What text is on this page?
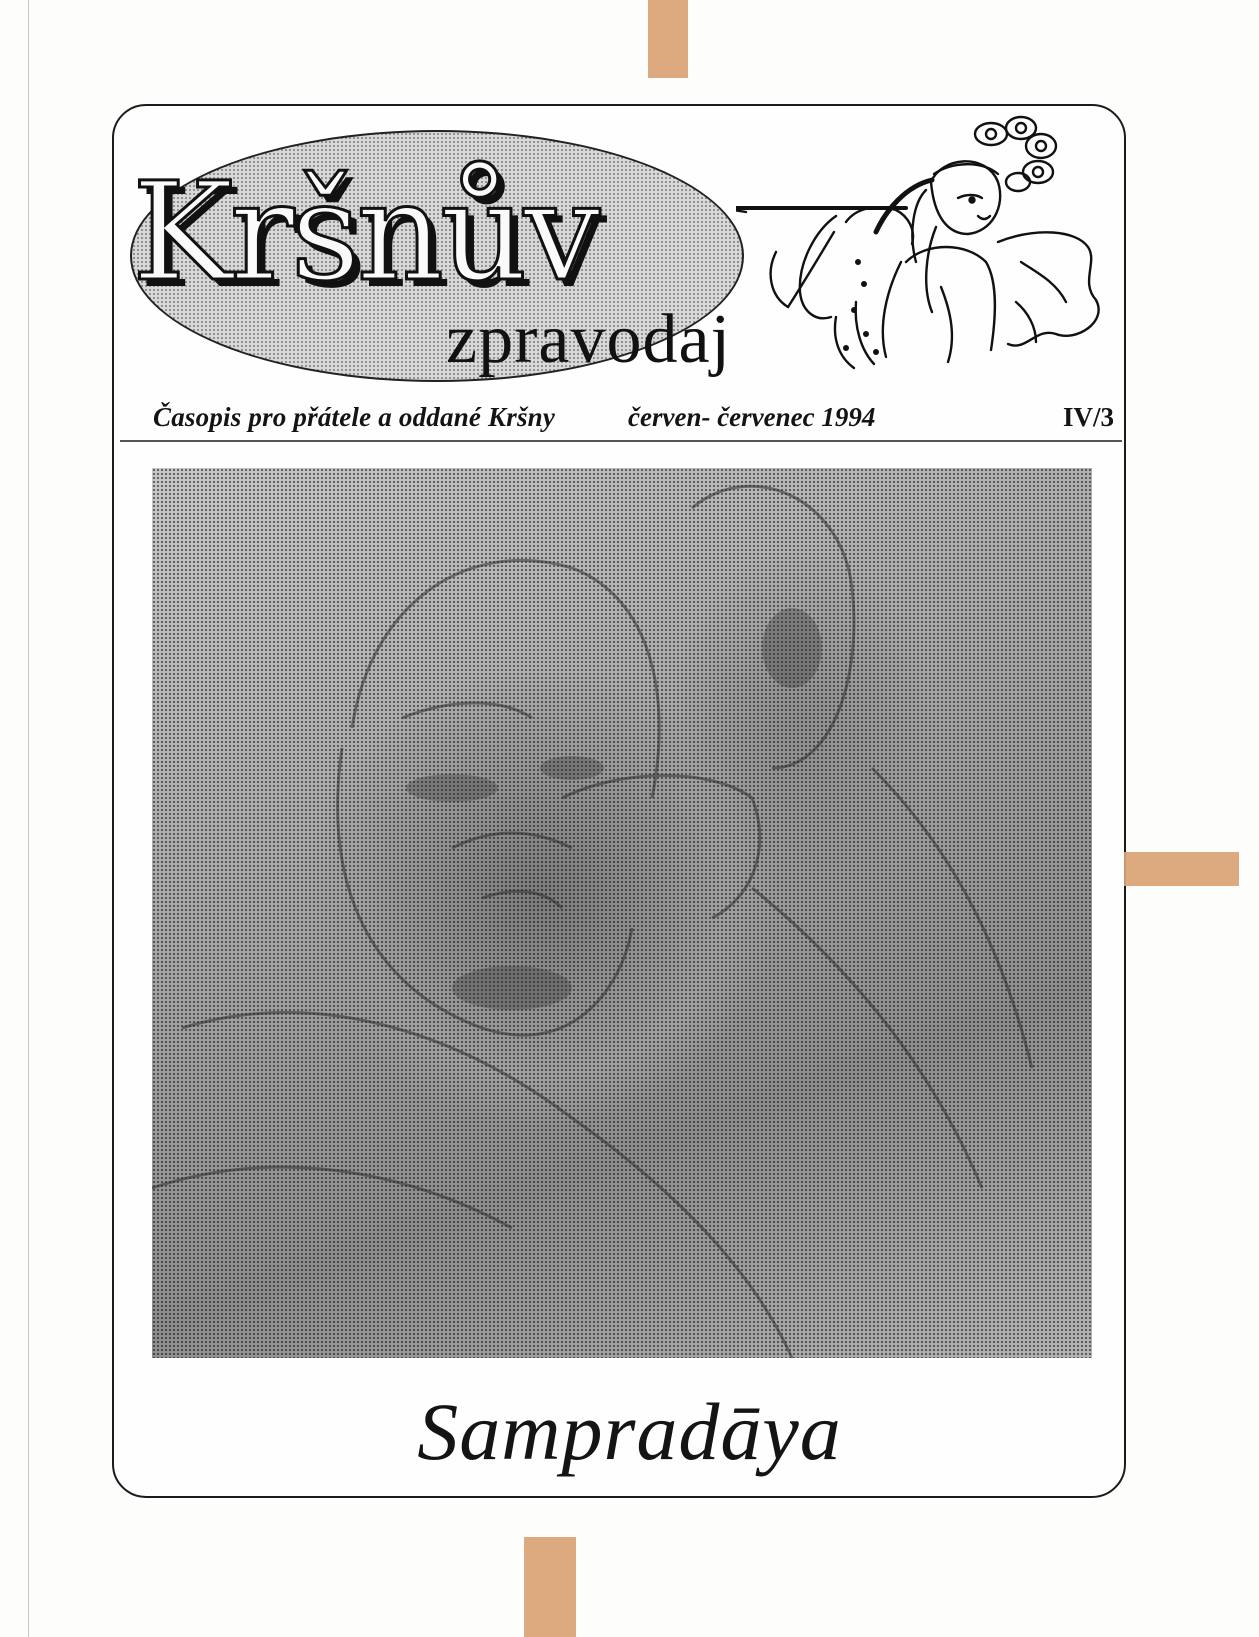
Kršnův
zpravodaj
Časopis pro přátele a oddané Kršny	červen- červenec 1994	IV/3
Sampradāya
